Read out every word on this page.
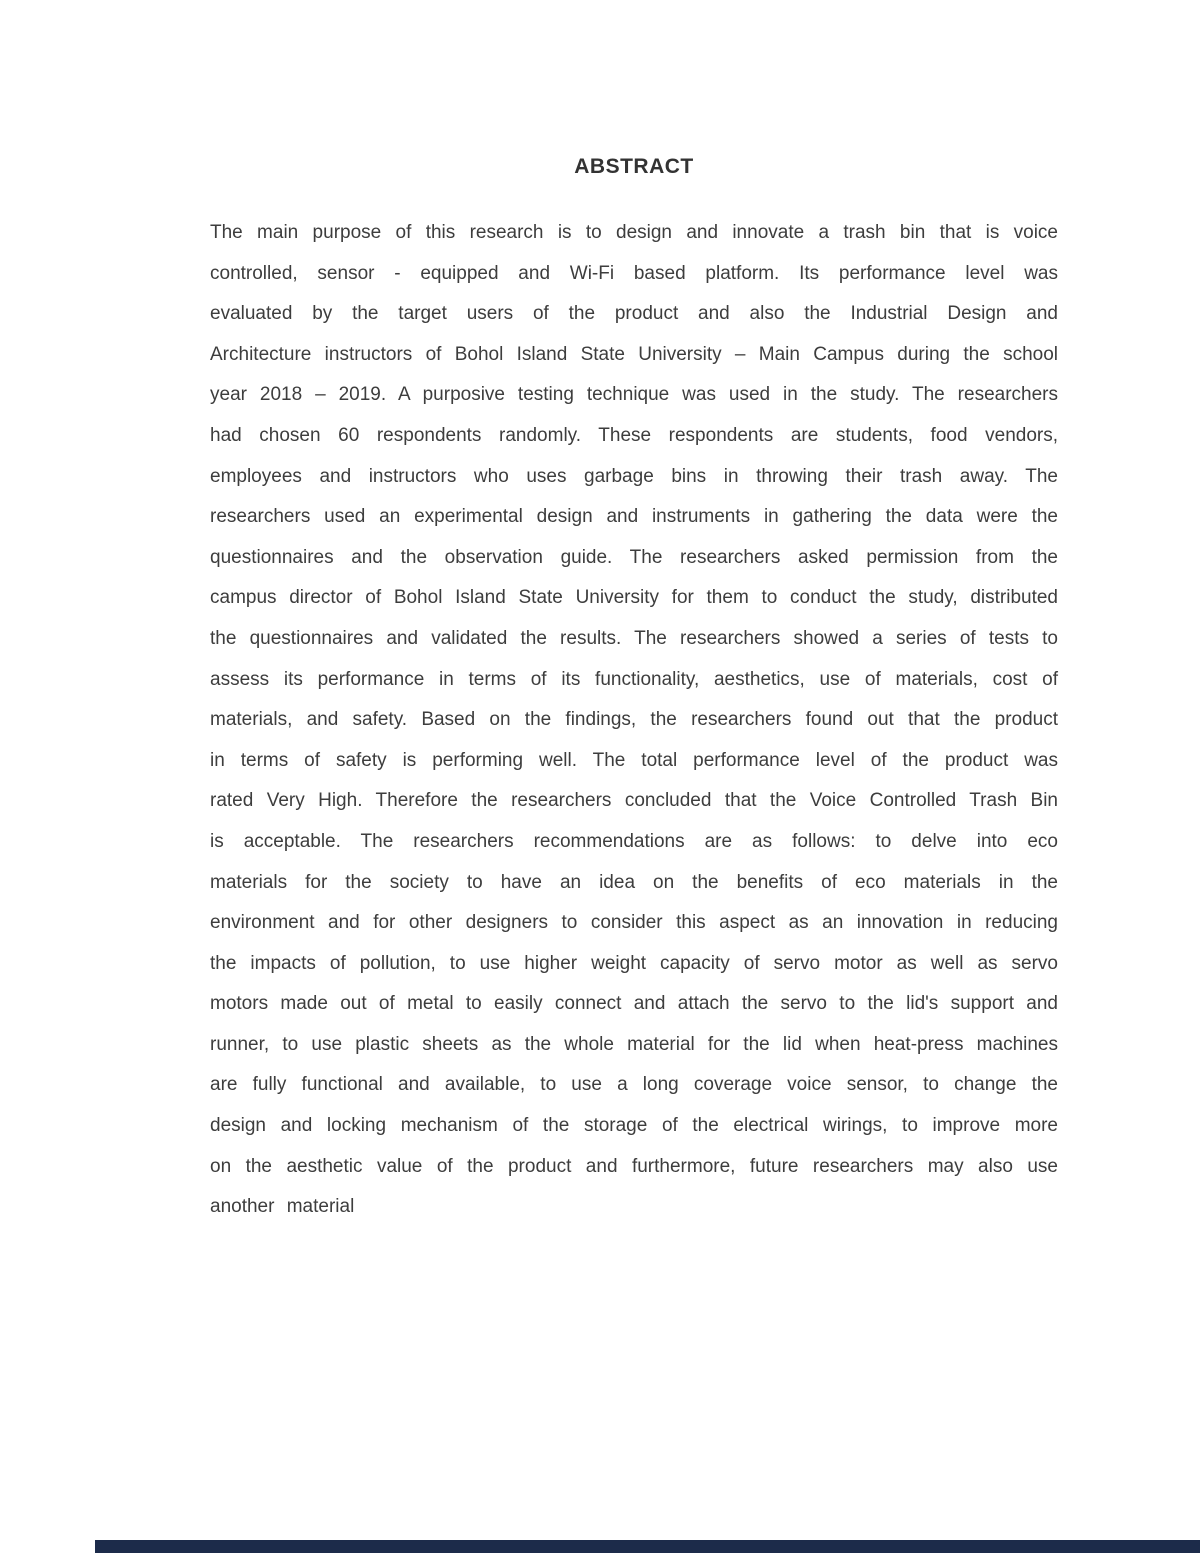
ABSTRACT

The main purpose of this research is to design and innovate a trash bin that is voice controlled, sensor - equipped and Wi-Fi based platform. Its performance level was evaluated by the target users of the product and also the Industrial Design and Architecture instructors of Bohol Island State University – Main Campus during the school year 2018 – 2019. A purposive testing technique was used in the study. The researchers had chosen 60 respondents randomly. These respondents are students, food vendors, employees and instructors who uses garbage bins in throwing their trash away. The researchers used an experimental design and instruments in gathering the data were the questionnaires and the observation guide. The researchers asked permission from the campus director of Bohol Island State University for them to conduct the study, distributed the questionnaires and validated the results. The researchers showed a series of tests to assess its performance in terms of its functionality, aesthetics, use of materials, cost of materials, and safety. Based on the findings, the researchers found out that the product in terms of safety is performing well. The total performance level of the product was rated Very High. Therefore the researchers concluded that the Voice Controlled Trash Bin is acceptable. The researchers recommendations are as follows: to delve into eco materials for the society to have an idea on the benefits of eco materials in the environment and for other designers to consider this aspect as an innovation in reducing the impacts of pollution, to use higher weight capacity of servo motor as well as servo motors made out of metal to easily connect and attach the servo to the lid's support and runner, to use plastic sheets as the whole material for the lid when heat-press machines are fully functional and available, to use a long coverage voice sensor, to change the design and locking mechanism of the storage of the electrical wirings, to improve more on the aesthetic value of the product and furthermore, future researchers may also use another material
